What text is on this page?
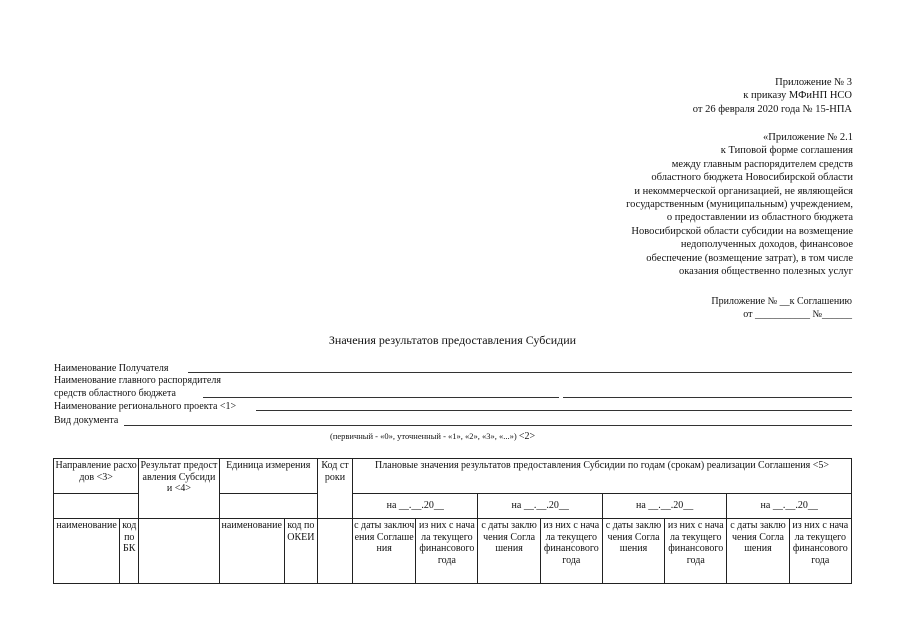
Приложение № 3
к приказу МФиНП НСО
от 26 февраля 2020 года № 15-НПА
«Приложение № 2.1
к Типовой форме соглашения
между главным распорядителем средств
областного бюджета Новосибирской области
и некоммерческой организацией, не являющейся
государственным (муниципальным) учреждением,
о предоставлении из областного бюджета
Новосибирской области субсидии на возмещение
недополученных доходов, финансовое
обеспечение (возмещение затрат), в том числе
оказания общественно полезных услуг
Приложение № __к Соглашению
от ___________ №______
Значения результатов предоставления Субсидии
Наименование Получателя
Наименование главного распорядителя
средств областного бюджета
Наименование регионального проекта <1>
Вид документа
(первичный - «0», уточненный - «1», «2», «3», «...») <2>
Направление расходов <3>		Результат предоставления Субсидии <4>	Единица измерения		Код строки	Плановые значения результатов предоставления Субсидии по годам (срокам) реализации Соглашения <5>							
						на __.__.20__		на __.__.20__		на __.__.20__		на __.__.20__	

наименование	код по БК		наименование	код по ОКЕИ		с даты заключения Соглашения	из них с начала текущего финансового года	с даты заключения Соглашения	из них с начала текущего финансового года	с даты заключения Соглашения	из них с начала текущего финансового года	с даты заключения Соглашения	из них с начала текущего финансового года
